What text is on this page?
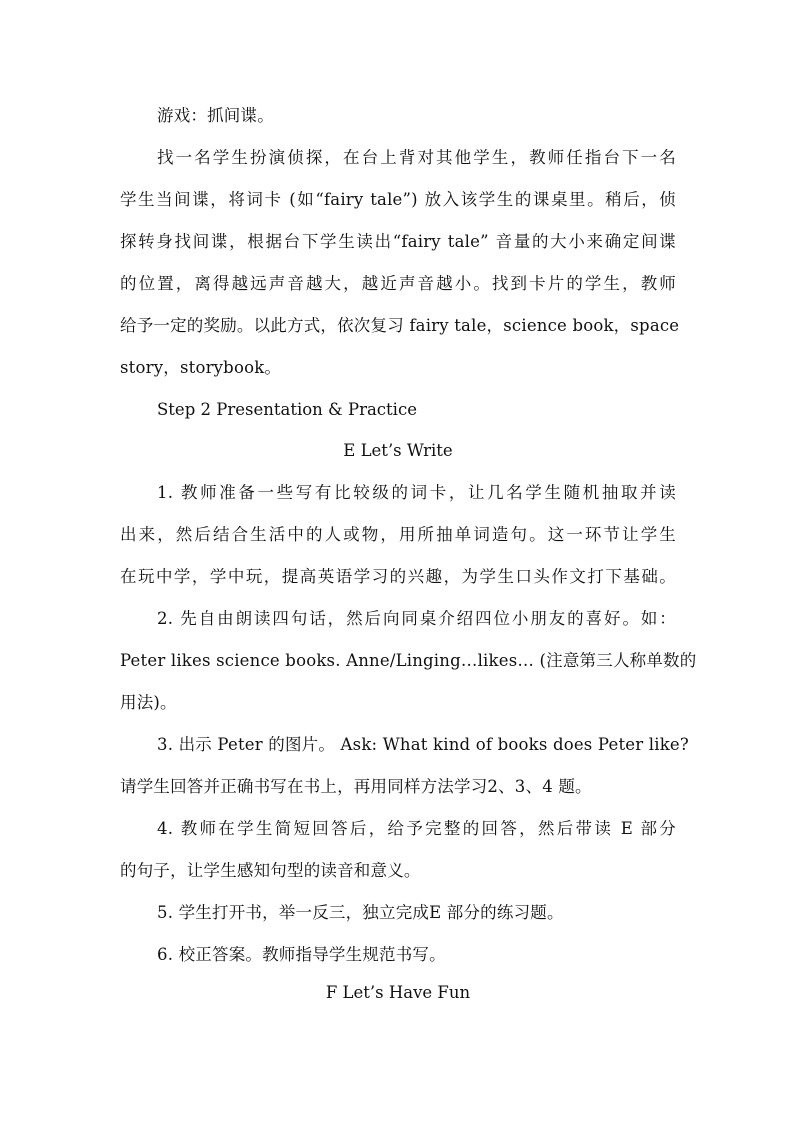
游戏：抓间谍。
找一名学生扮演侦探，在台上背对其他学生，教师任指台下一名
学生当间谍，将词卡 (如“fairy tale”) 放入该学生的课桌里。稍后，侦
探转身找间谍，根据台下学生读出“fairy tale” 音量的大小来确定间谍
的位置，离得越远声音越大，越近声音越小。找到卡片的学生，教师
给予一定的奖励。以此方式，依次复习 fairy tale，science book，space
story，storybook。
Step 2 Presentation & Practice
E Let’s Write
1. 教师准备一些写有比较级的词卡，让几名学生随机抽取并读
出来，然后结合生活中的人或物，用所抽单词造句。这一环节让学生
在玩中学，学中玩，提高英语学习的兴趣，为学生口头作文打下基础。
2. 先自由朗读四句话，然后向同桌介绍四位小朋友的喜好。如：
Peter likes science books. Anne/Linging…likes… (注意第三人称单数的
用法)。
3. 出示 Peter 的图片。 Ask: What kind of books does Peter like?
请学生回答并正确书写在书上，再用同样方法学习2、3、4 题。
4. 教师在学生简短回答后，给予完整的回答，然后带读 E 部分
的句子，让学生感知句型的读音和意义。
5. 学生打开书，举一反三，独立完成E 部分的练习题。
6. 校正答案。教师指导学生规范书写。
F Let’s Have Fun
